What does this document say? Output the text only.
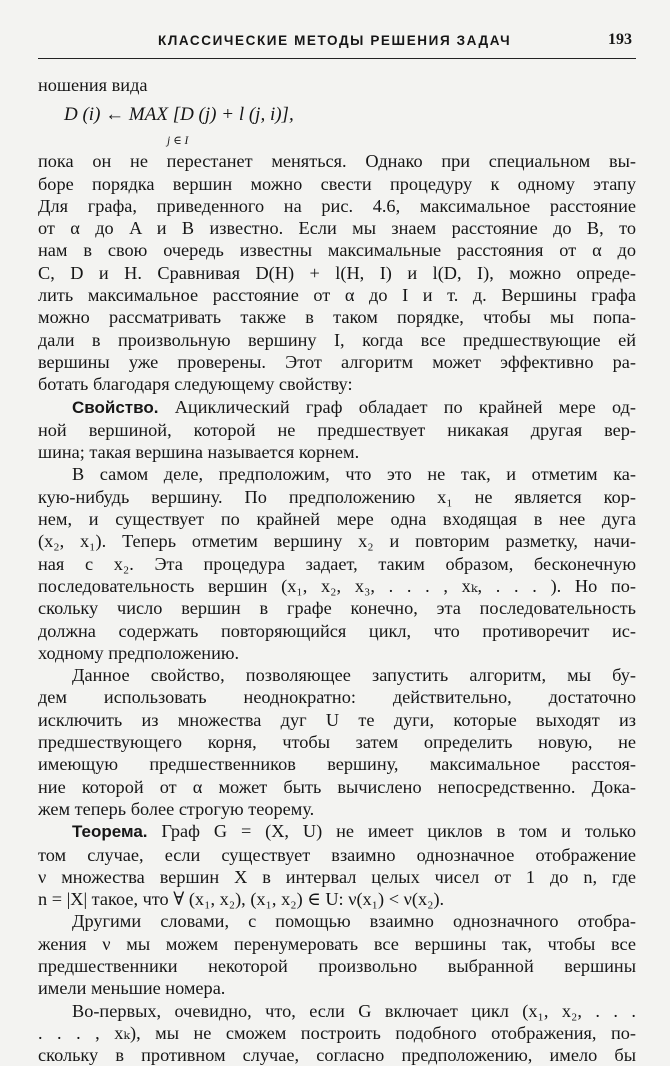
КЛАССИЧЕСКИЕ МЕТОДЫ РЕШЕНИЯ ЗАДАЧ	193
ношения вида
D (i) ← MAX [D (j) + l (j, i)],
j ∈ I
пока он не перестанет меняться. Однако при специальном вы-
боре порядка вершин можно свести процедуру к одному этапу
Для графа, приведенного на рис. 4.6, максимальное расстояние
от α до A и B известно. Если мы знаем расстояние до B, то
нам в свою очередь известны максимальные расстояния от α до
C, D и H. Сравнивая D(H) + l(H, I) и l(D, I), можно опреде-
лить максимальное расстояние от α до I и т. д. Вершины графа
можно рассматривать также в таком порядке, чтобы мы попа-
дали в произвольную вершину I, когда все предшествующие ей
вершины уже проверены. Этот алгоритм может эффективно ра-
ботать благодаря следующему свойству:
Свойство. Ациклический граф обладает по крайней мере од-
ной вершиной, которой не предшествует никакая другая вер-
шина; такая вершина называется корнем.
В самом деле, предположим, что это не так, и отметим ка-
кую-нибудь вершину. По предположению x₁ не является кор-
нем, и существует по крайней мере одна входящая в нее дуга
(x₂, x₁). Теперь отметим вершину x₂ и повторим разметку, начи-
ная с x₂. Эта процедура задает, таким образом, бесконечную
последовательность вершин (x₁, x₂, x₃, . . . , xₖ, . . . ). Но по-
скольку число вершин в графе конечно, эта последовательность
должна содержать повторяющийся цикл, что противоречит ис-
ходному предположению.
Данное свойство, позволяющее запустить алгоритм, мы бу-
дем использовать неоднократно: действительно, достаточно
исключить из множества дуг U те дуги, которые выходят из
предшествующего корня, чтобы затем определить новую, не
имеющую предшественников вершину, максимальное расстоя-
ние которой от α может быть вычислено непосредственно. Дока-
жем теперь более строгую теорему.
Теорема. Граф G = (X, U) не имеет циклов в том и только
том случае, если существует взаимно однозначное отображение
ν множества вершин X в интервал целых чисел от 1 до n, где
n = |X| такое, что ∀ (x₁, x₂), (x₁, x₂) ∈ U: ν(x₁) < ν(x₂).
Другими словами, с помощью взаимно однозначного отобра-
жения ν мы можем перенумеровать все вершины так, чтобы все
предшественники некоторой произвольно выбранной вершины
имели меньшие номера.
Во-первых, очевидно, что, если G включает цикл (x₁, x₂, . . .
. . . , xₖ), мы не сможем построить подобного отображения, по-
скольку в противном случае, согласно предположению, имело бы
